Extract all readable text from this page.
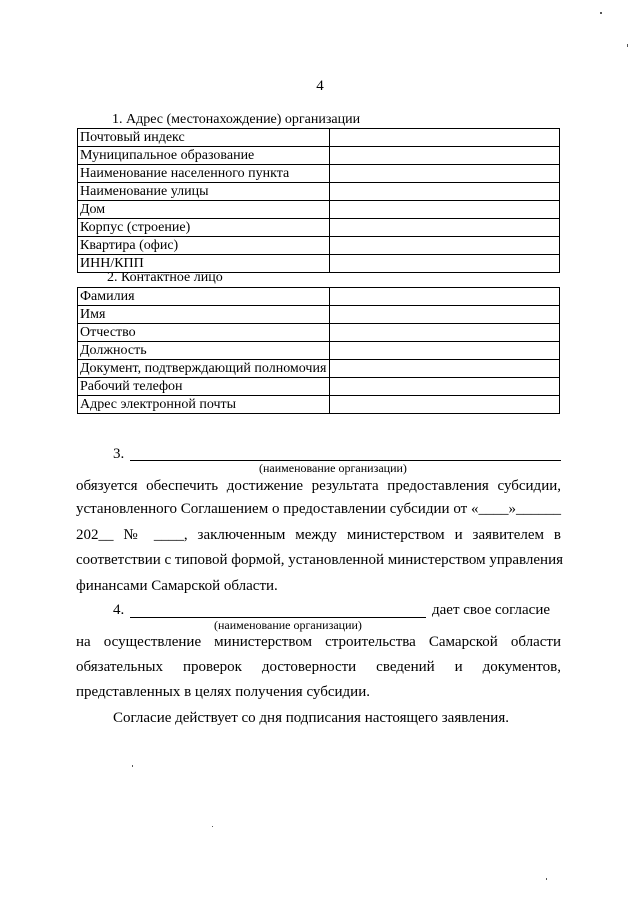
4
1. Адрес (местонахождение) организации
Почтовый индекс	
Муниципальное образование	
Наименование населенного пункта	
Наименование улицы	
Дом	
Корпус (строение)	
Квартира (офис)	
ИНН/КПП	
2. Контактное лицо
Фамилия	
Имя	
Отчество	
Должность	
Документ, подтверждающий полномочия	
Рабочий телефон	
Адрес электронной почты	
3.
(наименование организации)
обязуется обеспечить достижение результата предоставления субсидии,
установленного Соглашением о предоставлении субсидии от «____»______
202__ № ____, заключенным между министерством и заявителем в
соответствии с типовой формой, установленной министерством управления
финансами Самарской области.
4.	дает свое согласие
(наименование организации)
на осуществление министерством строительства Самарской области
обязательных проверок достоверности сведений и документов,
представленных в целях получения субсидии.
Согласие действует со дня подписания настоящего заявления.
